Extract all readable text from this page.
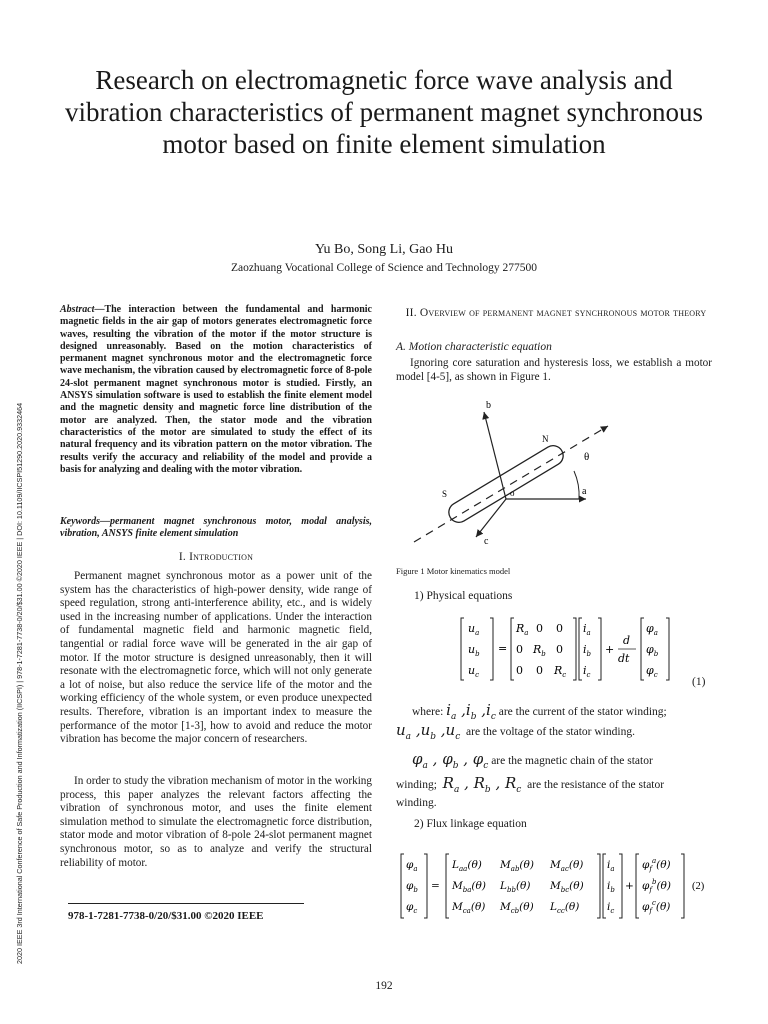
2020 IEEE 3rd International Conference of Safe Production and Informatization (IICSPI) | 978-1-7281-7738-0/20/$31.00 ©2020 IEEE | DOI: 10.1109/IICSPI51290.2020.9332464
Research on electromagnetic force wave analysis and vibration characteristics of permanent magnet synchronous motor based on finite element simulation
Yu Bo, Song Li, Gao Hu
Zaozhuang Vocational College of Science and Technology 277500
Abstract—The interaction between the fundamental and harmonic magnetic fields in the air gap of motors generates electromagnetic force waves, resulting the vibration of the motor if the motor structure is designed unreasonably. Based on the motion characteristics of permanent magnet synchronous motor and the electromagnetic force wave mechanism, the vibration caused by electromagnetic force of 8-pole 24-slot permanent magnet synchronous motor is studied. Firstly, an ANSYS simulation software is used to establish the finite element model and the magnetic density and magnetic force line distribution of the motor are analyzed. Then, the stator mode and the vibration characteristics of the motor are simulated to study the effect of its natural frequency and its vibration pattern on the motor vibration. The results verify the accuracy and reliability of the model and provide a basis for analyzing and dealing with the motor vibration.
Keywords—permanent magnet synchronous motor, modal analysis, vibration, ANSYS finite element simulation
I. Introduction

Permanent magnet synchronous motor as a power unit of the system has the characteristics of high-power density, wide range of speed regulation, strong anti-interference ability, etc., and is widely used in the increasing number of applications. Under the interaction of fundamental magnetic field and harmonic magnetic field, tangential or radial force wave will be generated in the air gap of motor. If the motor structure is designed unreasonably, then it will resonate with the electromagnetic force, which will not only generate a lot of noise, but also reduce the service life of the motor and the working efficiency of the whole system, or even produce unexpected results. Therefore, vibration is an important index to measure the performance of the motor [1-3], how to avoid and reduce the motor vibration has become the major concern of researchers.

In order to study the vibration mechanism of motor in the working process, this paper analyzes the relevant factors affecting the vibration of synchronous motor, and uses the finite element simulation method to simulate the electromagnetic force distribution, stator mode and motor vibration of 8-pole 24-slot permanent magnet synchronous motor, so as to analyze and verify the structural reliability of motor.

978-1-7281-7738-0/20/$31.00 ©2020 IEEE
II. Overview of permanent magnet synchronous motor theory
A. Motion characteristic equation

Ignoring core saturation and hysteresis loss, we establish a motor model [4-5], as shown in Figure 1.

b
N
θ
S	o	a
c
Figure 1 Motor kinematics model
1) Physical equations
$u_a$
$u_b$
$u_c$
=
$R_a$ 0 0
0 $R_b$ 0
0 0 $R_c$
$i_a$
$i_b$
$i_c$
+
d
dt
$\varphi_a$
$\varphi_b$
$\varphi_c$
(1)
where: $i_a$ $,i_b$ $,i_c$ are the current of the stator winding;
$u_a$ $,u_b$ $,u_c$ are the voltage of the stator winding.
$\varphi_a$ , $\varphi_b$ , $\varphi_c$ are the magnetic chain of the stator
winding; $R_a$ , $R_b$ , $R_c$ are the resistance of the stator
winding.
2) Flux linkage equation
$\varphi_a$
$\varphi_b$
$\varphi_c$
=
$L_{aa}(\theta)$ $M_{ab}(\theta)$ $M_{ac}(\theta)$
$M_{ba}(\theta)$ $L_{bb}(\theta)$ $M_{bc}(\theta)$
$M_{ca}(\theta)$ $M_{cb}(\theta)$ $L_{cc}(\theta)$
$i_a$
$i_b$
$i_c$
+
$\varphi_f^a(\theta)$
$\varphi_f^b(\theta)$
$\varphi_f^c(\theta)$
(2)
192
